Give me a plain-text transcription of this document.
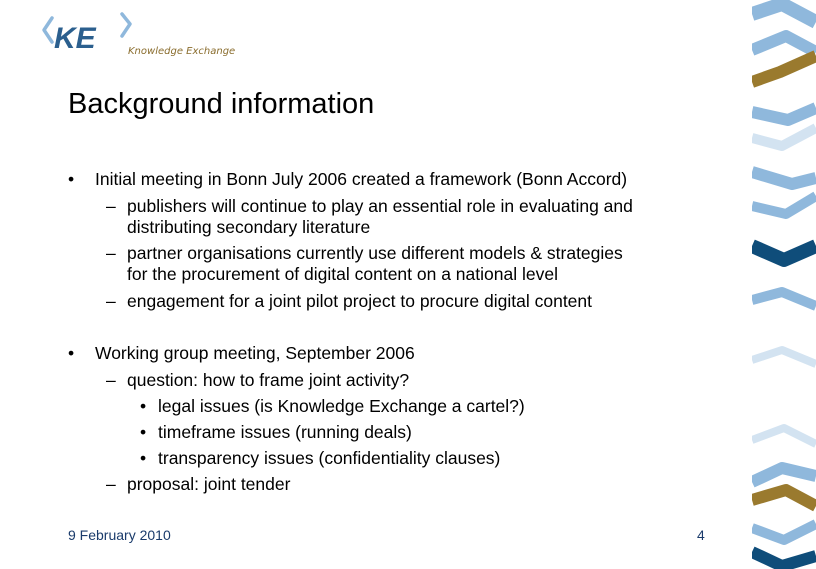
KE	Knowledge Exchange
Background information
•	Initial meeting in Bonn July 2006 created a framework (Bonn Accord)
– publishers will continue to play an essential role in evaluating and
distributing secondary literature
– partner organisations currently use different models & strategies
for the procurement of digital content on a national level
– engagement for a joint pilot project to procure digital content
•	Working group meeting, September 2006
– question: how to frame joint activity?
• legal issues (is Knowledge Exchange a cartel?)
• timeframe issues (running deals)
• transparency issues (confidentiality clauses)
– proposal: joint tender
9 February 2010	4
